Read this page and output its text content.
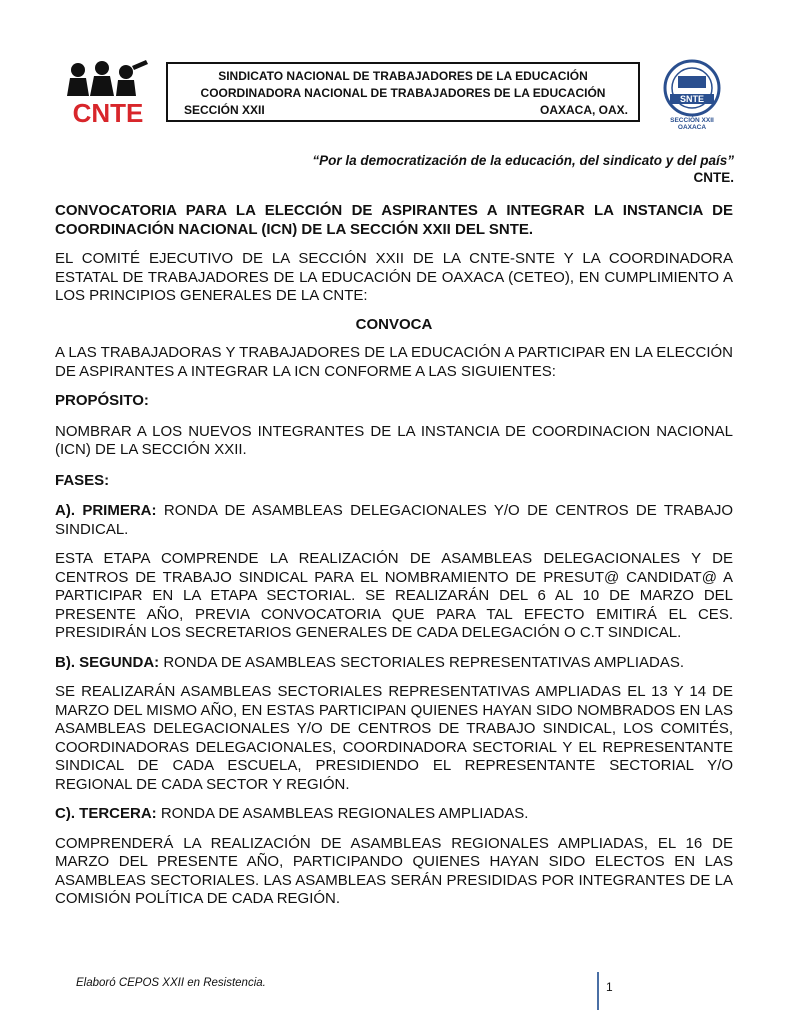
CNTE
SINDICATO NACIONAL DE TRABAJADORES DE LA EDUCACIÓN
COORDINADORA NACIONAL DE TRABAJADORES DE LA EDUCACIÓN
SECCIÓN XXII	OAXACA, OAX.
SNTE
SECCIÓN XXII
OAXACA
“Por la democratización de la educación, del sindicato y del país”
CNTE.

CONVOCATORIA PARA LA ELECCIÓN DE ASPIRANTES A INTEGRAR LA INSTANCIA DE COORDINACIÓN NACIONAL (ICN) DE LA SECCIÓN XXII DEL SNTE.

EL COMITÉ EJECUTIVO DE LA SECCIÓN XXII DE LA CNTE-SNTE Y LA COORDINADORA ESTATAL DE TRABAJADORES DE LA EDUCACIÓN DE OAXACA (CETEO), EN CUMPLIMIENTO A LOS PRINCIPIOS GENERALES DE LA CNTE:

CONVOCA

A LAS TRABAJADORAS Y TRABAJADORES DE LA EDUCACIÓN A PARTICIPAR EN LA ELECCIÓN DE ASPIRANTES A INTEGRAR LA ICN CONFORME A LAS SIGUIENTES:

PROPÓSITO:

NOMBRAR A LOS NUEVOS INTEGRANTES DE LA INSTANCIA DE COORDINACION NACIONAL (ICN) DE LA SECCIÓN XXII.

FASES:

A). PRIMERA: RONDA DE ASAMBLEAS DELEGACIONALES Y/O DE CENTROS DE TRABAJO SINDICAL.

ESTA ETAPA COMPRENDE LA REALIZACIÓN DE ASAMBLEAS DELEGACIONALES Y DE CENTROS DE TRABAJO SINDICAL PARA EL NOMBRAMIENTO DE PRESUT@ CANDIDAT@ A PARTICIPAR EN LA ETAPA SECTORIAL. SE REALIZARÁN DEL 6 AL 10 DE MARZO DEL PRESENTE AÑO, PREVIA CONVOCATORIA QUE PARA TAL EFECTO EMITIRÁ EL CES. PRESIDIRÁN LOS SECRETARIOS GENERALES DE CADA DELEGACIÓN O C.T SINDICAL.

B). SEGUNDA: RONDA DE ASAMBLEAS SECTORIALES REPRESENTATIVAS AMPLIADAS.

SE REALIZARÁN ASAMBLEAS SECTORIALES REPRESENTATIVAS AMPLIADAS EL 13 Y 14 DE MARZO DEL MISMO AÑO, EN ESTAS PARTICIPAN QUIENES HAYAN SIDO NOMBRADOS EN LAS ASAMBLEAS DELEGACIONALES Y/O DE CENTROS DE TRABAJO SINDICAL, LOS COMITÉS, COORDINADORAS DELEGACIONALES, COORDINADORA SECTORIAL Y EL REPRESENTANTE SINDICAL DE CADA ESCUELA, PRESIDIENDO EL REPRESENTANTE SECTORIAL Y/O REGIONAL DE CADA SECTOR Y REGIÓN.

C). TERCERA: RONDA DE ASAMBLEAS REGIONALES AMPLIADAS.

COMPRENDERÁ LA REALIZACIÓN DE ASAMBLEAS REGIONALES AMPLIADAS, EL 16 DE MARZO DEL PRESENTE AÑO, PARTICIPANDO QUIENES HAYAN SIDO ELECTOS EN LAS ASAMBLEAS SECTORIALES. LAS ASAMBLEAS SERÁN PRESIDIDAS POR INTEGRANTES DE LA COMISIÓN POLÍTICA DE CADA REGIÓN.

Elaboró CEPOS XXII en Resistencia.	1
